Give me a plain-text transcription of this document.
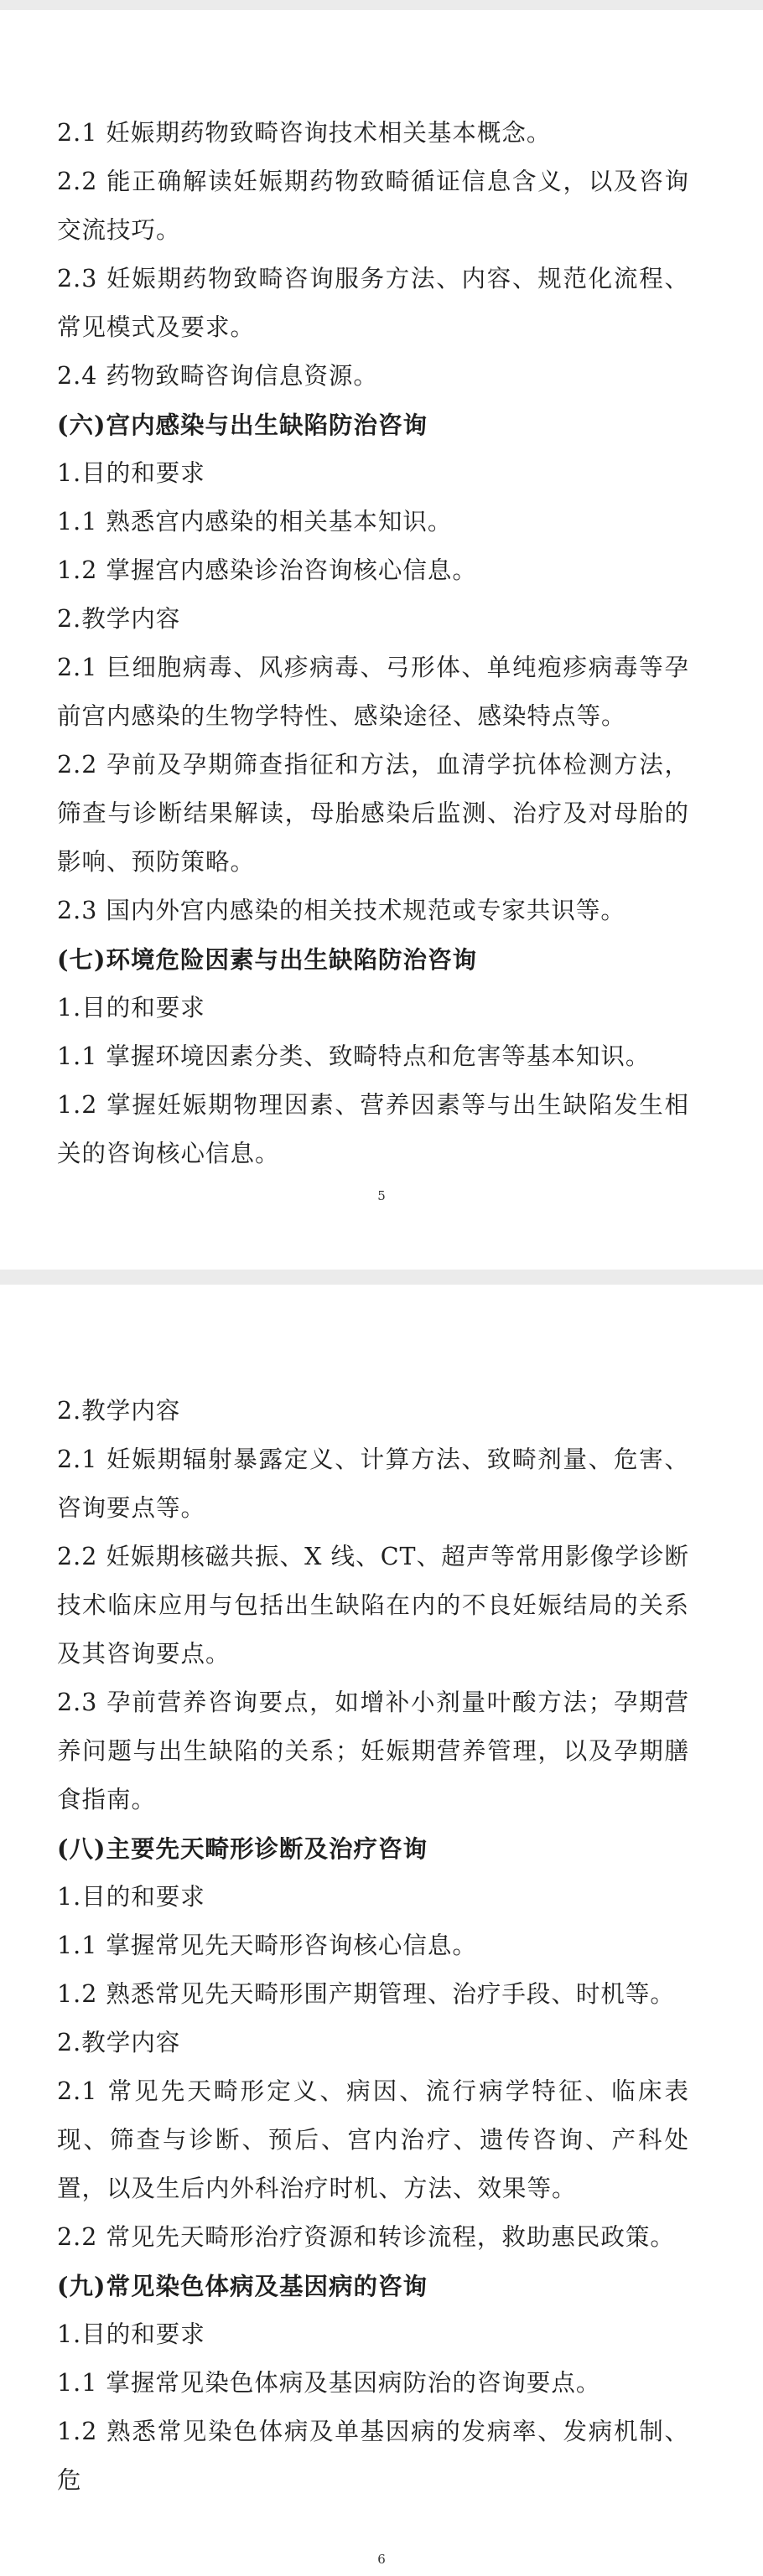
2.1 妊娠期药物致畸咨询技术相关基本概念。

2.2 能正确解读妊娠期药物致畸循证信息含义，以及咨询交流技巧。

2.3 妊娠期药物致畸咨询服务方法、内容、规范化流程、常见模式及要求。

2.4 药物致畸咨询信息资源。

(六)宫内感染与出生缺陷防治咨询

1.目的和要求

1.1 熟悉宫内感染的相关基本知识。

1.2 掌握宫内感染诊治咨询核心信息。

2.教学内容

2.1 巨细胞病毒、风疹病毒、弓形体、单纯疱疹病毒等孕前宫内感染的生物学特性、感染途径、感染特点等。

2.2 孕前及孕期筛查指征和方法，血清学抗体检测方法，筛查与诊断结果解读，母胎感染后监测、治疗及对母胎的影响、预防策略。

2.3 国内外宫内感染的相关技术规范或专家共识等。

(七)环境危险因素与出生缺陷防治咨询

1.目的和要求

1.1 掌握环境因素分类、致畸特点和危害等基本知识。

1.2 掌握妊娠期物理因素、营养因素等与出生缺陷发生相关的咨询核心信息。

5

2.教学内容

2.1 妊娠期辐射暴露定义、计算方法、致畸剂量、危害、咨询要点等。

2.2 妊娠期核磁共振、X 线、CT、超声等常用影像学诊断技术临床应用与包括出生缺陷在内的不良妊娠结局的关系及其咨询要点。

2.3 孕前营养咨询要点，如增补小剂量叶酸方法；孕期营养问题与出生缺陷的关系；妊娠期营养管理，以及孕期膳食指南。

(八)主要先天畸形诊断及治疗咨询

1.目的和要求

1.1 掌握常见先天畸形咨询核心信息。

1.2 熟悉常见先天畸形围产期管理、治疗手段、时机等。

2.教学内容

2.1 常见先天畸形定义、病因、流行病学特征、临床表现、筛查与诊断、预后、宫内治疗、遗传咨询、产科处置，以及生后内外科治疗时机、方法、效果等。

2.2 常见先天畸形治疗资源和转诊流程，救助惠民政策。

(九)常见染色体病及基因病的咨询

1.目的和要求

1.1 掌握常见染色体病及基因病防治的咨询要点。

1.2 熟悉常见染色体病及单基因病的发病率、发病机制、危

6
